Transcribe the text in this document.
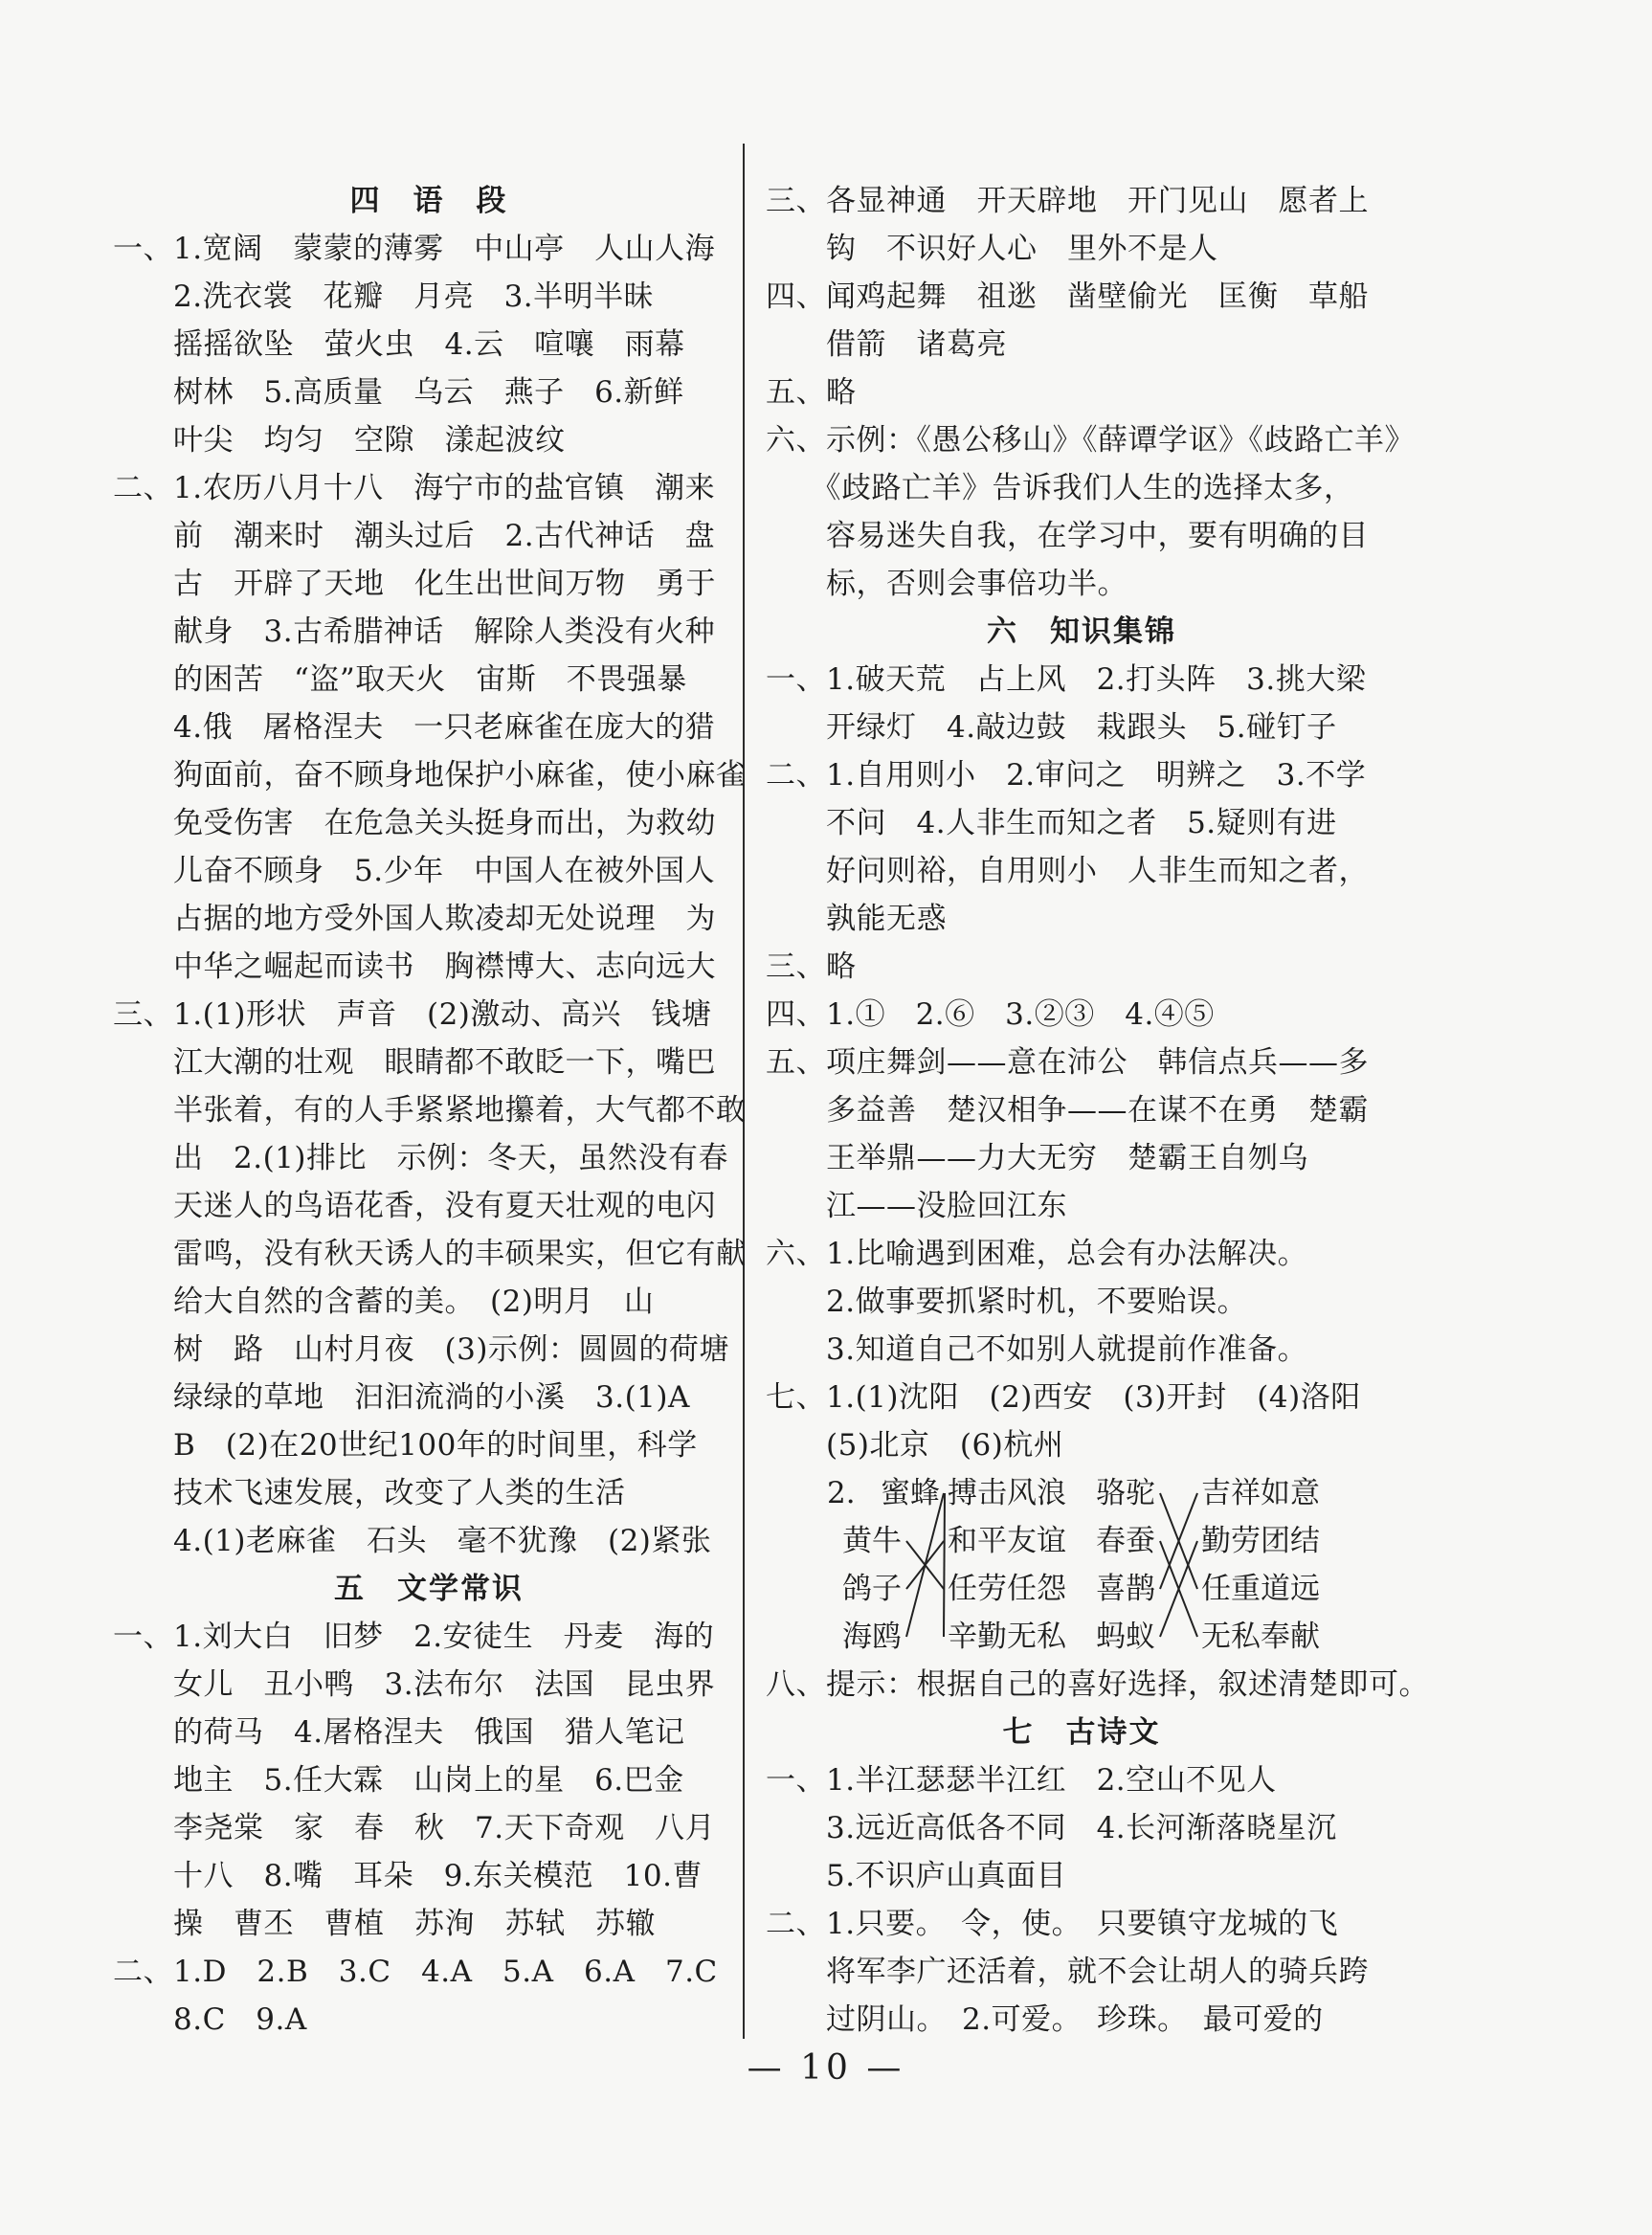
四　语　段
一、1.宽阔　蒙蒙的薄雾　中山亭　人山人海
　　2.洗衣裳　花瓣　月亮　3.半明半昧
　　摇摇欲坠　萤火虫　4.云　喧嚷　雨幕
　　树林　5.高质量　乌云　燕子　6.新鲜
　　叶尖　均匀　空隙　漾起波纹
二、1.农历八月十八　海宁市的盐官镇　潮来
　　前　潮来时　潮头过后　2.古代神话　盘
　　古　开辟了天地　化生出世间万物　勇于
　　献身　3.古希腊神话　解除人类没有火种
　　的困苦　“盗”取天火　宙斯　不畏强暴
　　4.俄　屠格涅夫　一只老麻雀在庞大的猎
　　狗面前，奋不顾身地保护小麻雀，使小麻雀
　　免受伤害　在危急关头挺身而出，为救幼
　　儿奋不顾身　5.少年　中国人在被外国人
　　占据的地方受外国人欺凌却无处说理　为
　　中华之崛起而读书　胸襟博大、志向远大
三、1.(1)形状　声音　(2)激动、高兴　钱塘
　　江大潮的壮观　眼睛都不敢眨一下，嘴巴
　　半张着，有的人手紧紧地攥着，大气都不敢
　　出　2.(1)排比　示例：冬天，虽然没有春
　　天迷人的鸟语花香，没有夏天壮观的电闪
　　雷鸣，没有秋天诱人的丰硕果实，但它有献
　　给大自然的含蓄的美。　(2)明月　山
　　树　路　山村月夜　(3)示例：圆圆的荷塘
　　绿绿的草地　汩汩流淌的小溪　3.(1)A
　　B　(2)在20世纪100年的时间里，科学
　　技术飞速发展，改变了人类的生活
　　4.(1)老麻雀　石头　毫不犹豫　(2)紧张
五　文学常识
一、1.刘大白　旧梦　2.安徒生　丹麦　海的
　　女儿　丑小鸭　3.法布尔　法国　昆虫界
　　的荷马　4.屠格涅夫　俄国　猎人笔记
　　地主　5.任大霖　山岗上的星　6.巴金
　　李尧棠　家　春　秋　7.天下奇观　八月
　　十八　8.嘴　耳朵　9.东关模范　10.曹
　　操　曹丕　曹植　苏洵　苏轼　苏辙
二、1.D　2.B　3.C　4.A　5.A　6.A　7.C
　　8.C　9.A
三、各显神通　开天辟地　开门见山　愿者上
　　钩　不识好人心　里外不是人
四、闻鸡起舞　祖逖　凿壁偷光　匡衡　草船
　　借箭　诸葛亮
五、略
六、示例：《愚公移山》《薛谭学讴》《歧路亡羊》
　　《歧路亡羊》告诉我们人生的选择太多，
　　容易迷失自我，在学习中，要有明确的目
　　标，否则会事倍功半。
六　知识集锦
一、1.破天荒　占上风　2.打头阵　3.挑大梁
　　开绿灯　4.敲边鼓　栽跟头　5.碰钉子
二、1.自用则小　2.审问之　明辨之　3.不学
　　不问　4.人非生而知之者　5.疑则有进
　　好问则裕，自用则小　人非生而知之者，
　　孰能无惑
三、略
四、1.①　2.⑥　3.②③　4.④⑤
五、项庄舞剑——意在沛公　韩信点兵——多
　　多益善　楚汉相争——在谋不在勇　楚霸
　　王举鼎——力大无穷　楚霸王自刎乌
　　江——没脸回江东
六、1.比喻遇到困难，总会有办法解决。
　　2.做事要抓紧时机，不要贻误。
　　3.知道自己不如别人就提前作准备。
七、1.(1)沈阳　(2)西安　(3)开封　(4)洛阳
　　(5)北京　(6)杭州
2. 蜜蜂
黄牛
鸽子
海鸥
搏击风浪
和平友谊
任劳任怨
辛勤无私
骆驼
春蚕
喜鹊
蚂蚁
吉祥如意
勤劳团结
任重道远
无私奉献
八、提示：根据自己的喜好选择，叙述清楚即可。
七　古诗文
一、1.半江瑟瑟半江红　2.空山不见人
　　3.远近高低各不同　4.长河渐落晓星沉
　　5.不识庐山真面目
二、1.只要。　令，使。　只要镇守龙城的飞
　　将军李广还活着，就不会让胡人的骑兵跨
　　过阴山。　2.可爱。　珍珠。　最可爱的
— 10 —
